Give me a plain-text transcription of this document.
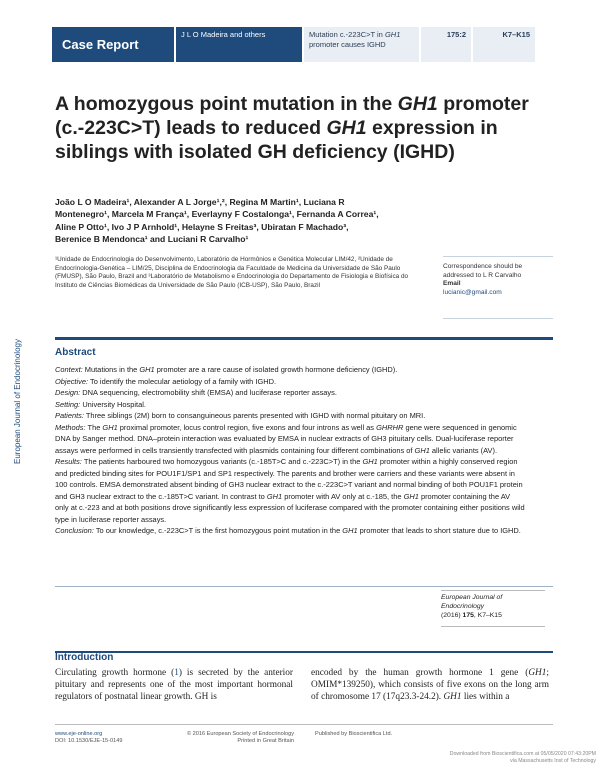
Case Report
J L O Madeira and others	Mutation c.-223C>T in GH1 promoter causes IGHD
175:2	K7–K15
A homozygous point mutation in the GH1 promoter (c.-223C>T) leads to reduced GH1 expression in siblings with isolated GH deficiency (IGHD)
João L O Madeira¹, Alexander A L Jorge¹,², Regina M Martin¹, Luciana R Montenegro¹, Marcela M França¹, Everlayny F Costalonga¹, Fernanda A Correa¹, Aline P Otto¹, Ivo J P Arnhold¹, Helayne S Freitas³, Ubiratan F Machado³, Berenice B Mendonca¹ and Luciani R Carvalho¹
¹Unidade de Endocrinologia do Desenvolvimento, Laboratório de Hormônios e Genética Molecular LIM/42, ²Unidade de Endocrinologia-Genética – LIM/25, Disciplina de Endocrinologia da Faculdade de Medicina da Universidade de São Paulo (FMUSP), São Paulo, Brazil and ³Laboratório de Metabolismo e Endocrinologia do Departamento de Fisiologia e Biofísica do Instituto de Ciências Biomédicas da Universidade de São Paulo (ICB-USP), São Paulo, Brazil
Correspondence should be addressed to L R Carvalho
Email
lucianic@gmail.com
European Journal of Endocrinology	Abstract

Context: Mutations in the GH1 promoter are a rare cause of isolated growth hormone deficiency (IGHD).

Objective: To identify the molecular aetiology of a family with IGHD.

Design: DNA sequencing, electromobility shift (EMSA) and luciferase reporter assays.

Setting: University Hospital.

Patients: Three siblings (2M) born to consanguineous parents presented with IGHD with normal pituitary on MRI.

Methods: The GH1 proximal promoter, locus control region, five exons and four introns as well as GHRHR gene were sequenced in genomic DNA by Sanger method. DNA–protein interaction was evaluated by EMSA in nuclear extracts of GH3 pituitary cells. Dual-luciferase reporter assays were performed in cells transiently transfected with plasmids containing four different combinations of GH1 allelic variants (AV).

Results: The patients harboured two homozygous variants (c.-185T>C and c.-223C>T) in the GH1 promoter within a highly conserved region and predicted binding sites for POU1F1/SP1 and SP1 respectively. The parents and brother were carriers and these variants were absent in 100 controls. EMSA demonstrated absent binding of GH3 nuclear extract to the c.-223C>T variant and normal binding of both POU1F1 protein and GH3 nuclear extract to the c.-185T>C variant. In contrast to GH1 promoter with AV only at c.-185, the GH1 promoter containing the AV only at c.-223 and at both positions drove significantly less expression of luciferase compared with the promoter containing either positions wild type in luciferase reporter assays.

Conclusion: To our knowledge, c.-223C>T is the first homozygous point mutation in the GH1 promoter that leads to short stature due to IGHD.

European Journal of Endocrinology
(2016) 175, K7–K15
Introduction
Circulating growth hormone (1) is secreted by the anterior pituitary and represents one of the most important hormonal regulators of postnatal linear growth. GH is
encoded by the human growth hormone 1 gene (GH1; OMIM*139250), which consists of five exons on the long arm of chromosome 17 (17q23.3-24.2). GH1 lies within a
www.eje-online.org
DOI: 10.1530/EJE-15-0149
© 2016 European Society of Endocrinology
Printed in Great Britain
Published by Bioscientifica Ltd.
Downloaded from Bioscientifica.com at 05/05/2020 07:43:20PM
via Massachusetts Inst of Technology
